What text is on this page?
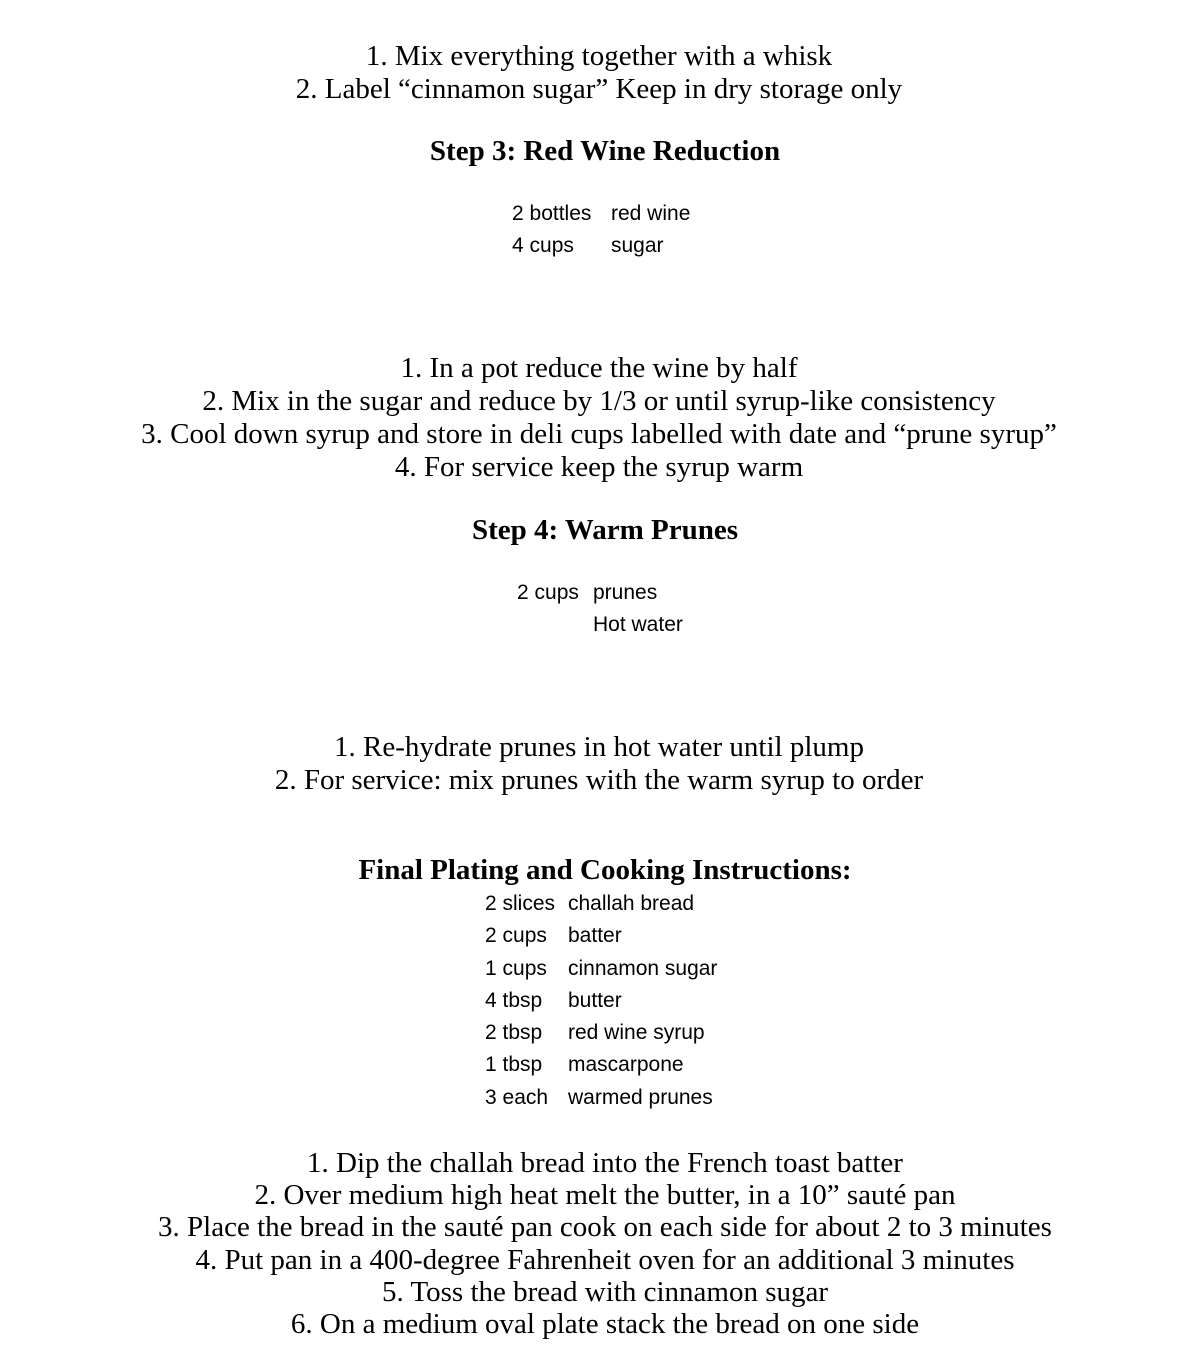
1. Mix everything together with a whisk
2. Label “cinnamon sugar” Keep in dry storage only
Step 3: Red Wine Reduction
2 bottles red wine
4 cups sugar
1. In a pot reduce the wine by half
2. Mix in the sugar and reduce by 1/3 or until syrup-like consistency
3. Cool down syrup and store in deli cups labelled with date and “prune syrup”
4. For service keep the syrup warm
Step 4: Warm Prunes
2 cups prunes
Hot water
1. Re-hydrate prunes in hot water until plump
2. For service: mix prunes with the warm syrup to order
Final Plating and Cooking Instructions:
2 slices challah bread
2 cups batter
1 cups cinnamon sugar
4 tbsp butter
2 tbsp red wine syrup
1 tbsp mascarpone
3 each warmed prunes
1. Dip the challah bread into the French toast batter
2. Over medium high heat melt the butter, in a 10” sauté pan
3. Place the bread in the sauté pan cook on each side for about 2 to 3 minutes
4. Put pan in a 400-degree Fahrenheit oven for an additional 3 minutes
5. Toss the bread with cinnamon sugar
6. On a medium oval plate stack the bread on one side
